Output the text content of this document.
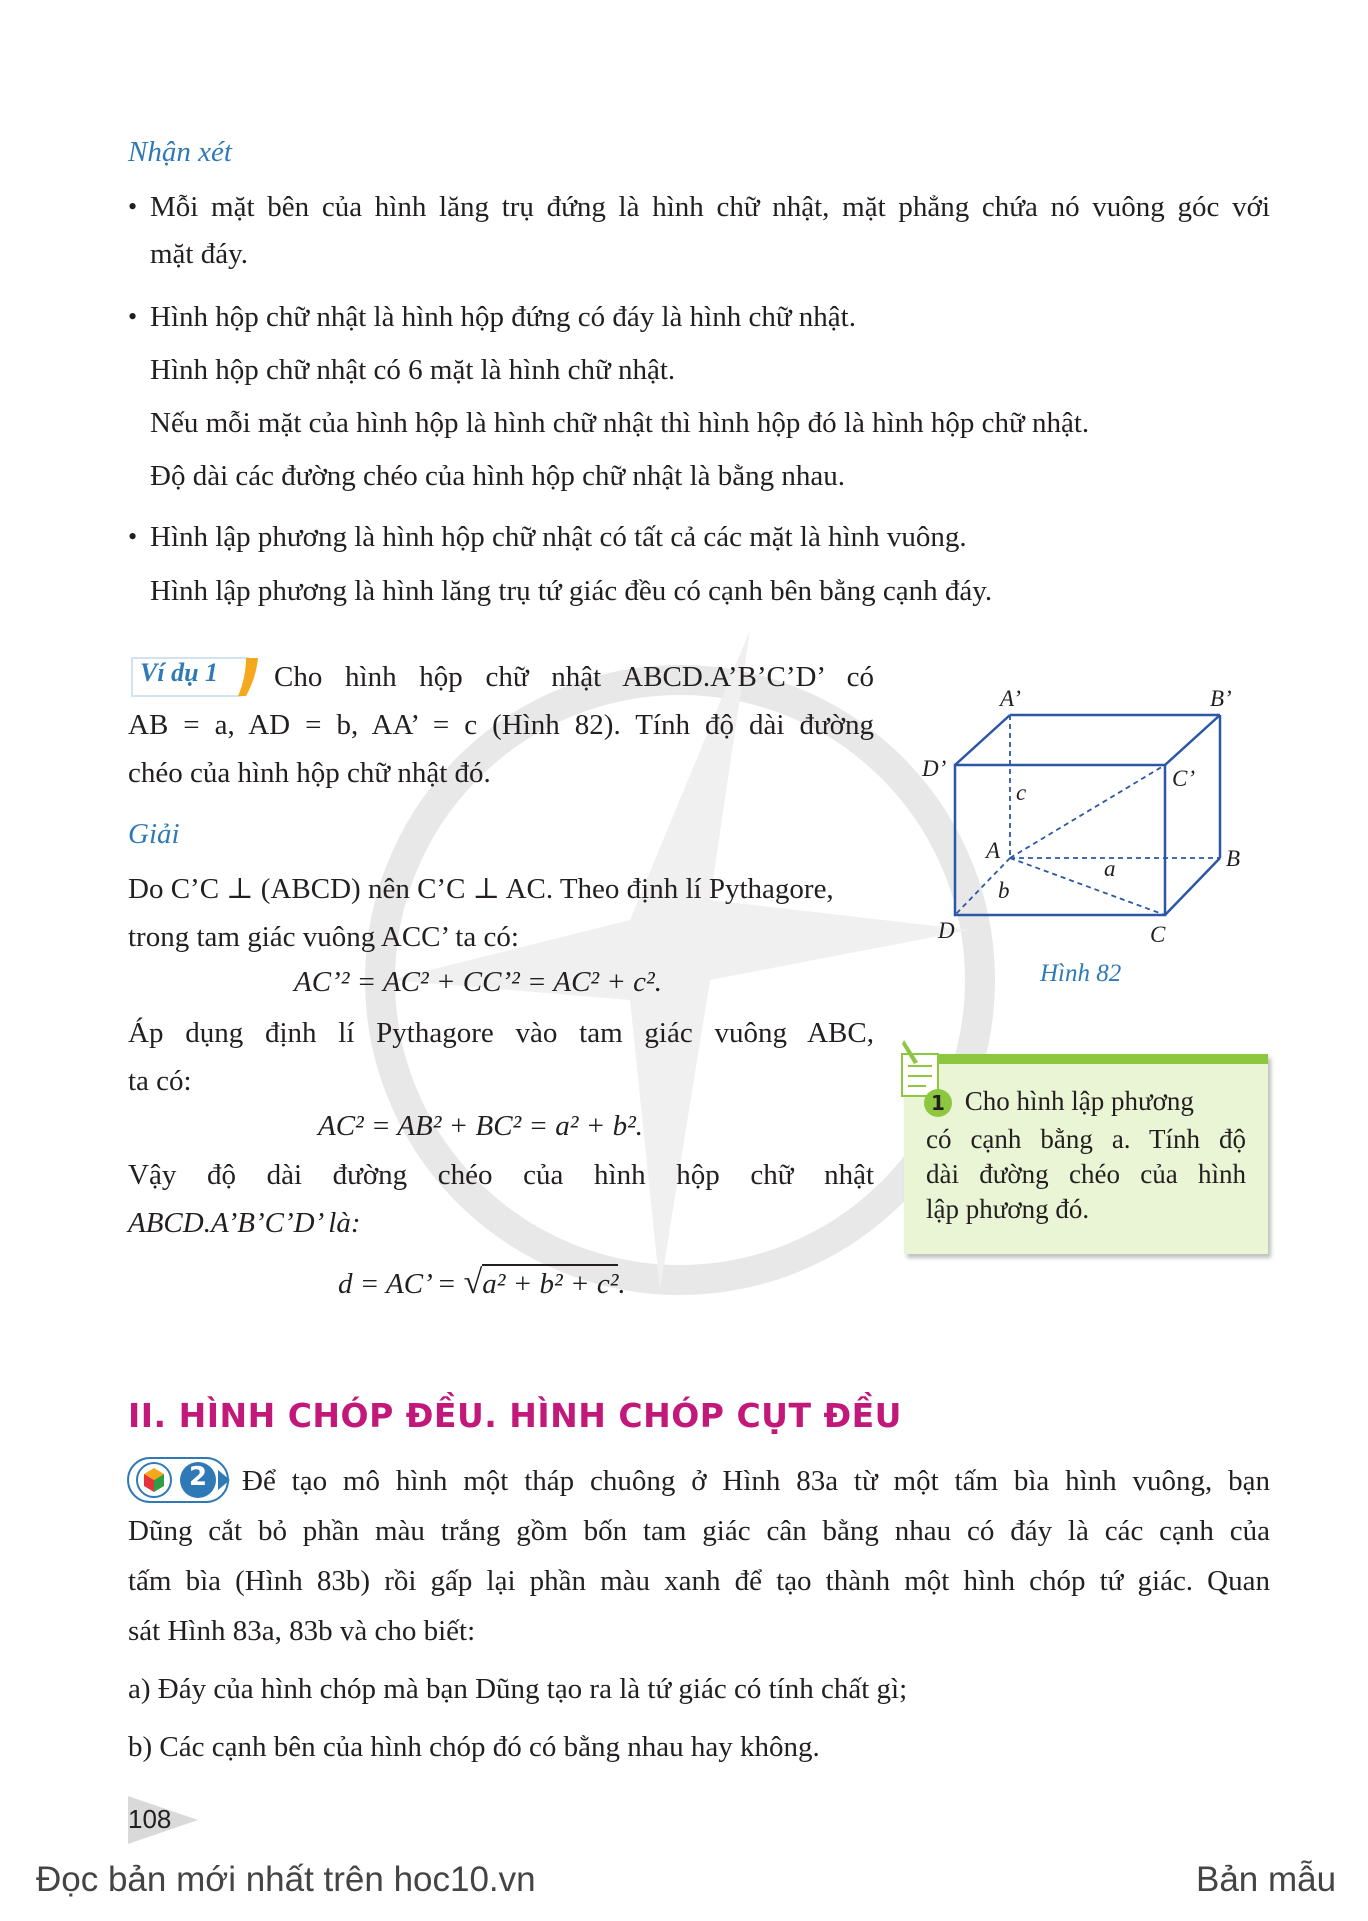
Nhận xét
• Mỗi mặt bên của hình lăng trụ đứng là hình chữ nhật, mặt phẳng chứa nó vuông góc với
mặt đáy.
• Hình hộp chữ nhật là hình hộp đứng có đáy là hình chữ nhật.
Hình hộp chữ nhật có 6 mặt là hình chữ nhật.
Nếu mỗi mặt của hình hộp là hình chữ nhật thì hình hộp đó là hình hộp chữ nhật.
Độ dài các đường chéo của hình hộp chữ nhật là bằng nhau.
• Hình lập phương là hình hộp chữ nhật có tất cả các mặt là hình vuông.
Hình lập phương là hình lăng trụ tứ giác đều có cạnh bên bằng cạnh đáy.
Ví dụ 1 Cho hình hộp chữ nhật ABCD.A’B’C’D’ có
AB = a, AD = b, AA’ = c (Hình 82). Tính độ dài đường
chéo của hình hộp chữ nhật đó.
Giải
Do C’C ⊥ (ABCD) nên C’C ⊥ AC. Theo định lí Pythagore,
trong tam giác vuông ACC’ ta có:
AC’² = AC² + CC’² = AC² + c².
Áp dụng định lí Pythagore vào tam giác vuông ABC,
ta có:
AC² = AB² + BC² = a² + b².
Vậy độ dài đường chéo của hình hộp chữ nhật
ABCD.A’B’C’D’ là:
d = AC’ = √a² + b² + c².
A’	B’
D’	C’
c
A	B
a
b
D	C
Hình 82
1 Cho hình lập phương
có cạnh bằng a. Tính độ
dài đường chéo của hình
lập phương đó.
II. HÌNH CHÓP ĐỀU. HÌNH CHÓP CỤT ĐỀU
2 Để tạo mô hình một tháp chuông ở Hình 83a từ một tấm bìa hình vuông, bạn
Dũng cắt bỏ phần màu trắng gồm bốn tam giác cân bằng nhau có đáy là các cạnh của
tấm bìa (Hình 83b) rồi gấp lại phần màu xanh để tạo thành một hình chóp tứ giác. Quan
sát Hình 83a, 83b và cho biết:
a) Đáy của hình chóp mà bạn Dũng tạo ra là tứ giác có tính chất gì;
b) Các cạnh bên của hình chóp đó có bằng nhau hay không.
108
Đọc bản mới nhất trên hoc10.vn	Bản mẫu
